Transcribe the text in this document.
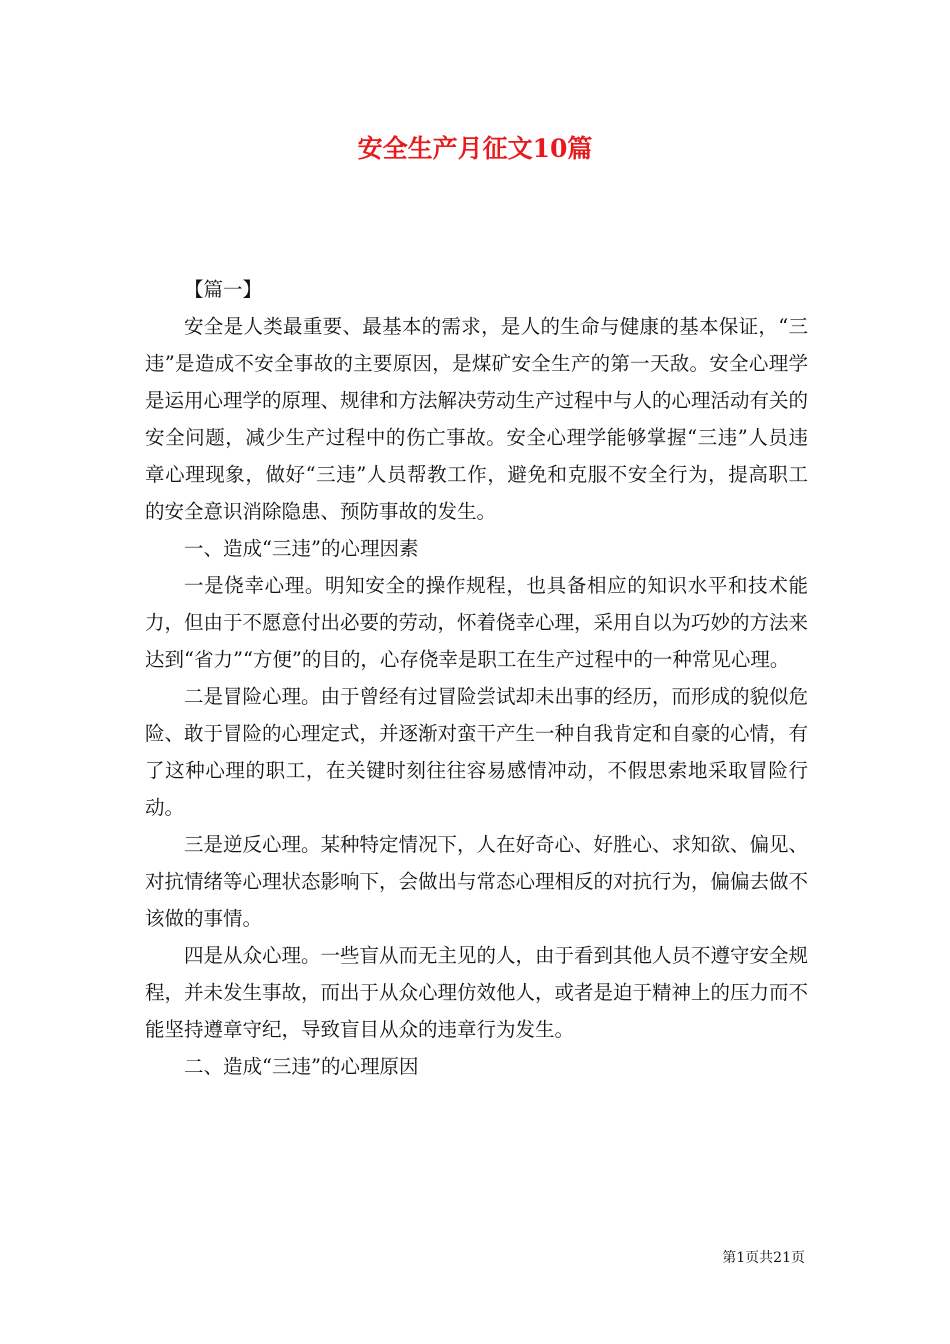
安全生产月征文10篇

【篇一】

安全是人类最重要、最基本的需求，是人的生命与健康的基本保证，“三违”是造成不安全事故的主要原因，是煤矿安全生产的第一天敌。安全心理学是运用心理学的原理、规律和方法解决劳动生产过程中与人的心理活动有关的安全问题，减少生产过程中的伤亡事故。安全心理学能够掌握“三违”人员违章心理现象，做好“三违”人员帮教工作，避免和克服不安全行为，提高职工的安全意识消除隐患、预防事故的发生。

一、造成“三违”的心理因素

一是侥幸心理。明知安全的操作规程，也具备相应的知识水平和技术能力，但由于不愿意付出必要的劳动，怀着侥幸心理，采用自以为巧妙的方法来达到“省力”“方便”的目的，心存侥幸是职工在生产过程中的一种常见心理。

二是冒险心理。由于曾经有过冒险尝试却未出事的经历，而形成的貌似危险、敢于冒险的心理定式，并逐渐对蛮干产生一种自我肯定和自豪的心情，有了这种心理的职工，在关键时刻往往容易感情冲动，不假思索地采取冒险行动。

三是逆反心理。某种特定情况下，人在好奇心、好胜心、求知欲、偏见、对抗情绪等心理状态影响下，会做出与常态心理相反的对抗行为，偏偏去做不该做的事情。

四是从众心理。一些盲从而无主见的人，由于看到其他人员不遵守安全规程，并未发生事故，而出于从众心理仿效他人，或者是迫于精神上的压力而不能坚持遵章守纪，导致盲目从众的违章行为发生。

二、造成“三违”的心理原因

第1页共21页
